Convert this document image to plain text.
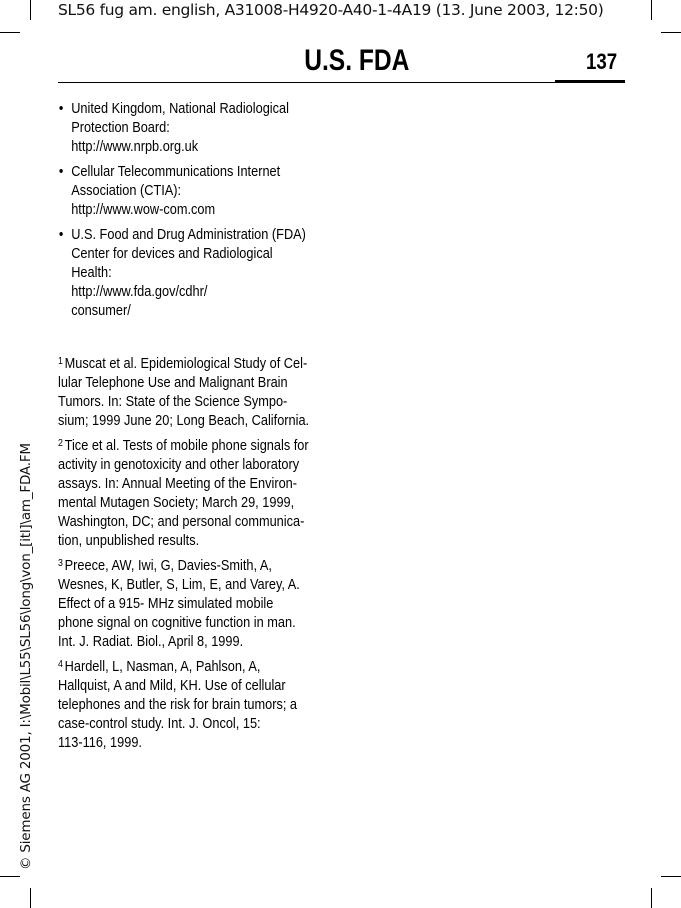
SL56 fug am. english, A31008-H4920-A40-1-4A19 (13. June 2003, 12:50)
U.S. FDA	137
• United Kingdom, National Radiological
Protection Board:
http://www.nrpb.org.uk
• Cellular Telecommunications Internet
Association (CTIA):
http://www.wow-com.com
• U.S. Food and Drug Administration (FDA)
Center for devices and Radiological
Health:
http://www.fda.gov/cdhr/
consumer/
$^1$ Muscat et al. Epidemiological Study of Cel-
lular Telephone Use and Malignant Brain
Tumors. In: State of the Science Sympo-
sium; 1999 June 20; Long Beach, California.
$^2$ Tice et al. Tests of mobile phone signals for
activity in genotoxicity and other laboratory
assays. In: Annual Meeting of the Environ-
mental Mutagen Society; March 29, 1999,
Washington, DC; and personal communica-
tion, unpublished results.
$^3$ Preece, AW, Iwi, G, Davies-Smith, A,
Wesnes, K, Butler, S, Lim, E, and Varey, A.
Effect of a 915- MHz simulated mobile
phone signal on cognitive function in man.
Int. J. Radiat. Biol., April 8, 1999.
$^4$ Hardell, L, Nasman, A, Pahlson, A,
Hallquist, A and Mild, KH. Use of cellular
telephones and the risk for brain tumors; a
case-control study. Int. J. Oncol, 15:
113-116, 1999.
© Siemens AG 2001, I:\Mobil\L55\SL56\long\von_[itl]\am_FDA.FM
